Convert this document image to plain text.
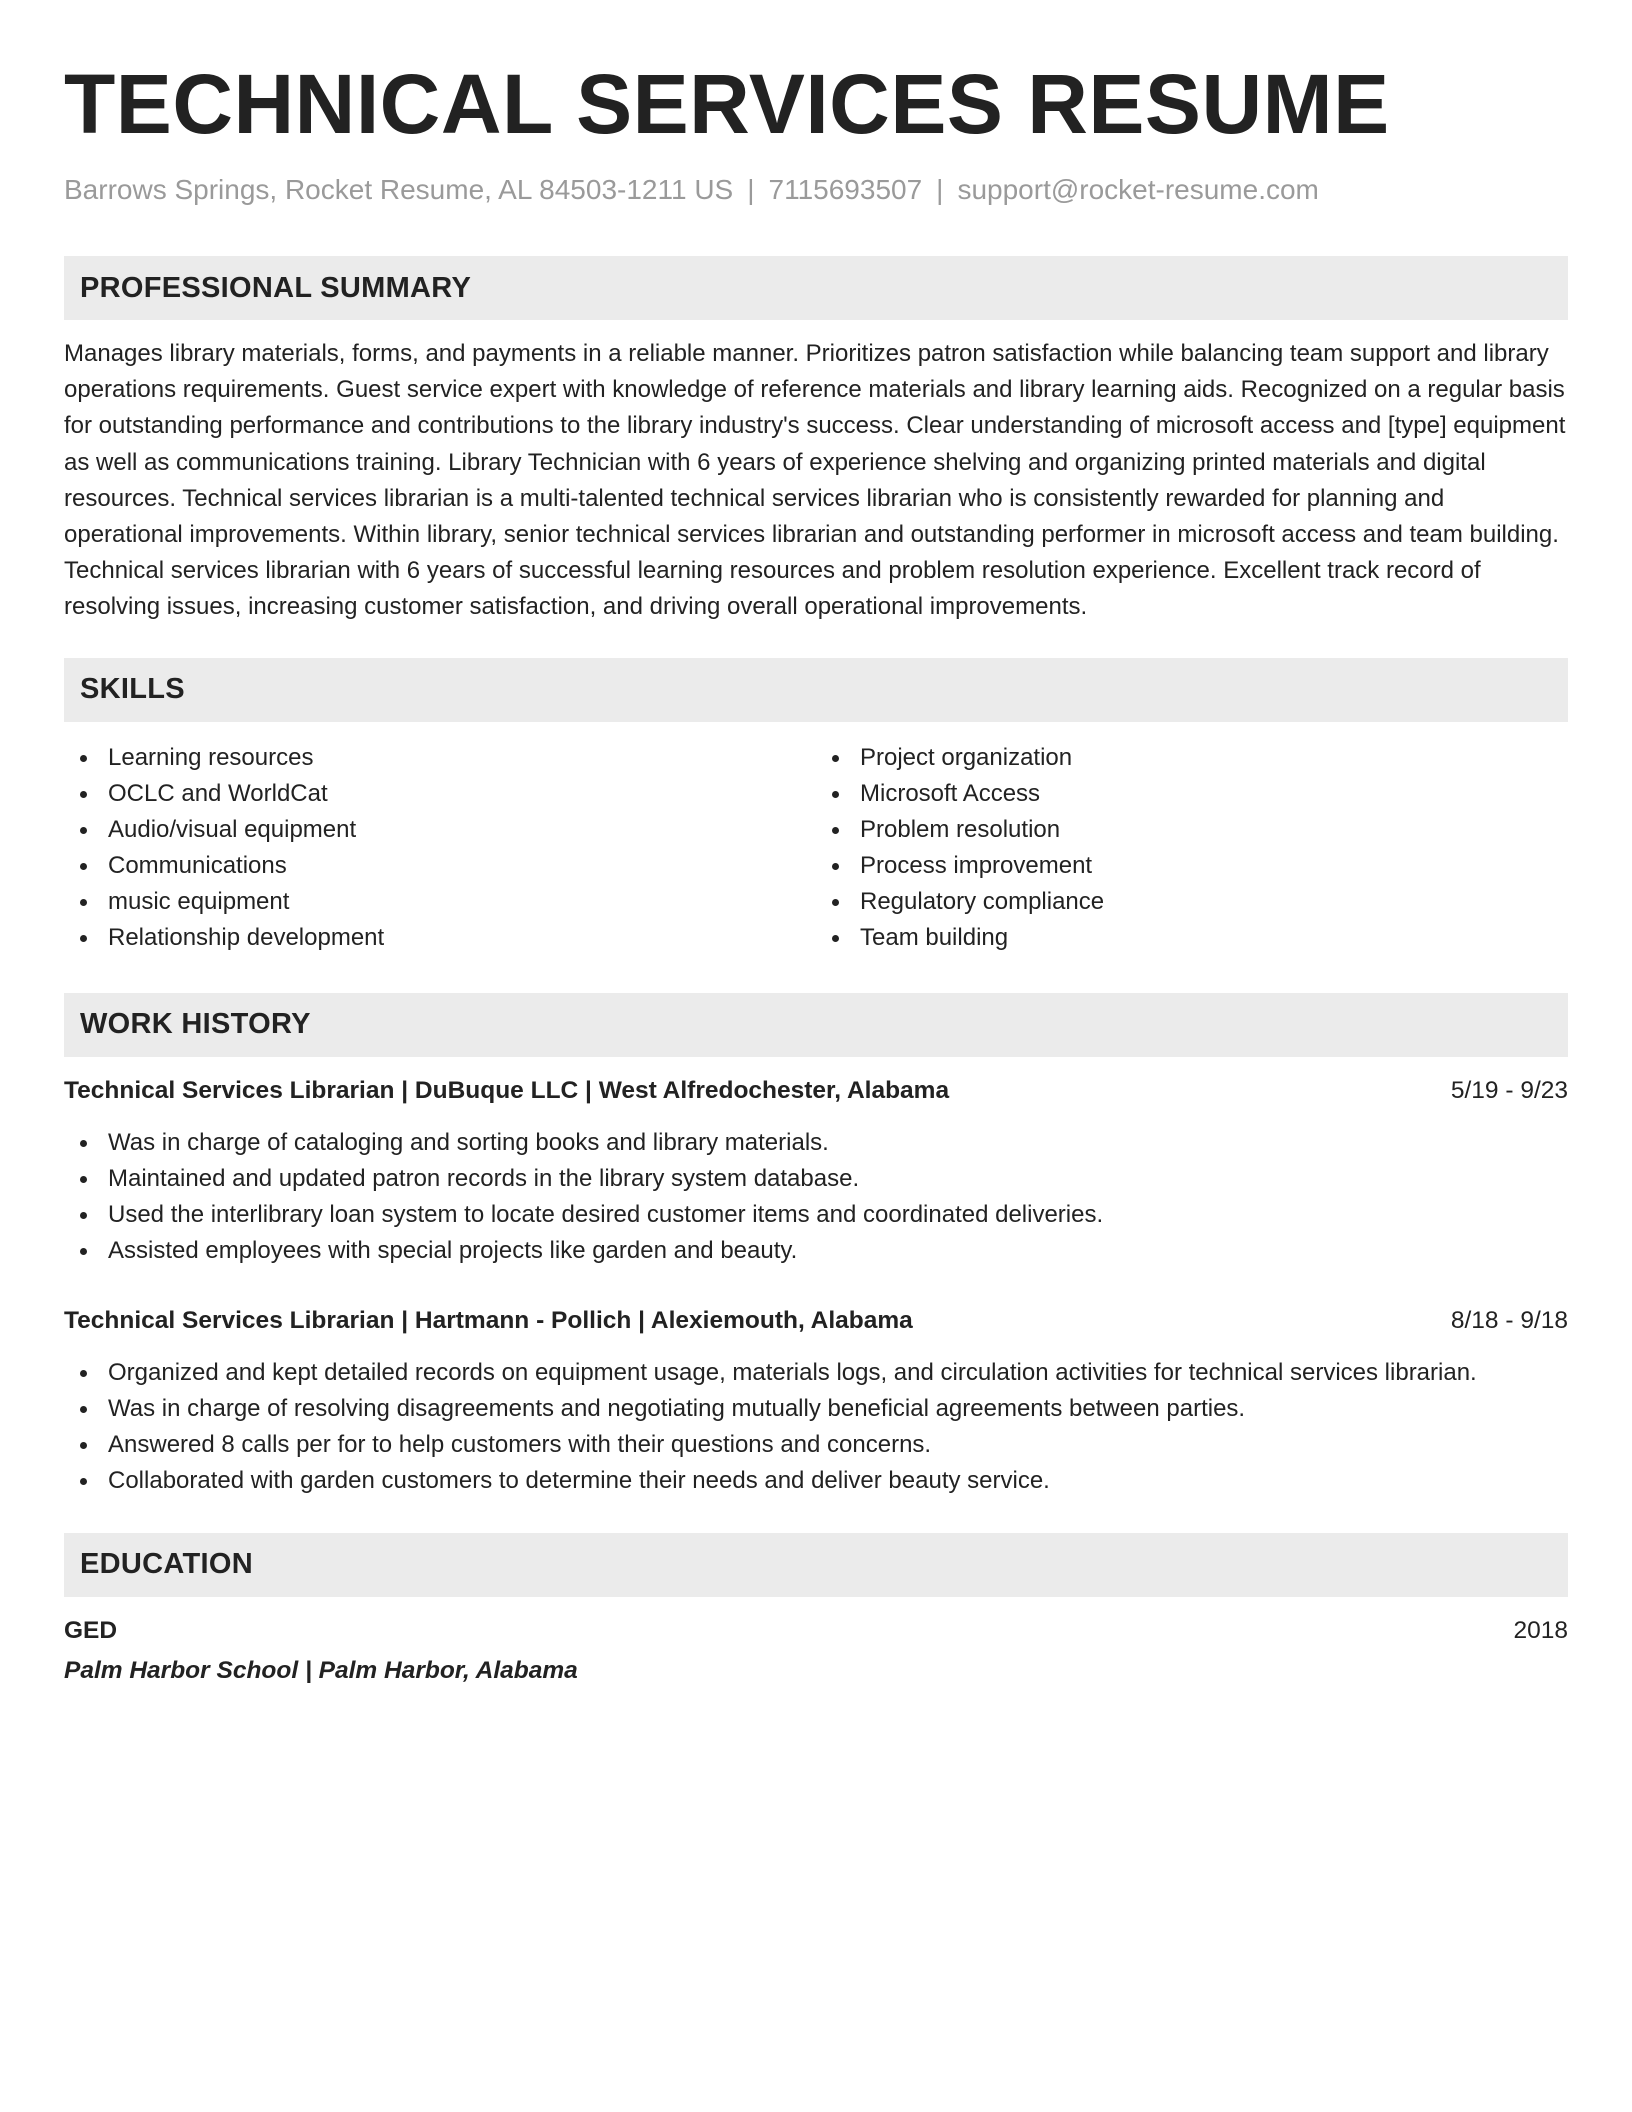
TECHNICAL SERVICES RESUME
Barrows Springs, Rocket Resume, AL 84503-1211 US | 7115693507 | support@rocket-resume.com
PROFESSIONAL SUMMARY
Manages library materials, forms, and payments in a reliable manner. Prioritizes patron satisfaction while balancing team support and library operations requirements. Guest service expert with knowledge of reference materials and library learning aids. Recognized on a regular basis for outstanding performance and contributions to the library industry's success. Clear understanding of microsoft access and [type] equipment as well as communications training. Library Technician with 6 years of experience shelving and organizing printed materials and digital resources. Technical services librarian is a multi-talented technical services librarian who is consistently rewarded for planning and operational improvements. Within library, senior technical services librarian and outstanding performer in microsoft access and team building. Technical services librarian with 6 years of successful learning resources and problem resolution experience. Excellent track record of resolving issues, increasing customer satisfaction, and driving overall operational improvements.
SKILLS
Learning resources
OCLC and WorldCat
Audio/visual equipment
Communications
music equipment
Relationship development
Project organization
Microsoft Access
Problem resolution
Process improvement
Regulatory compliance
Team building
WORK HISTORY
Technical Services Librarian | DuBuque LLC | West Alfredochester, Alabama	5/19 - 9/23
Was in charge of cataloging and sorting books and library materials.
Maintained and updated patron records in the library system database.
Used the interlibrary loan system to locate desired customer items and coordinated deliveries.
Assisted employees with special projects like garden and beauty.
Technical Services Librarian | Hartmann - Pollich | Alexiemouth, Alabama	8/18 - 9/18
Organized and kept detailed records on equipment usage, materials logs, and circulation activities for technical services librarian.
Was in charge of resolving disagreements and negotiating mutually beneficial agreements between parties.
Answered 8 calls per for to help customers with their questions and concerns.
Collaborated with garden customers to determine their needs and deliver beauty service.
EDUCATION
GED	2018
Palm Harbor School | Palm Harbor, Alabama
